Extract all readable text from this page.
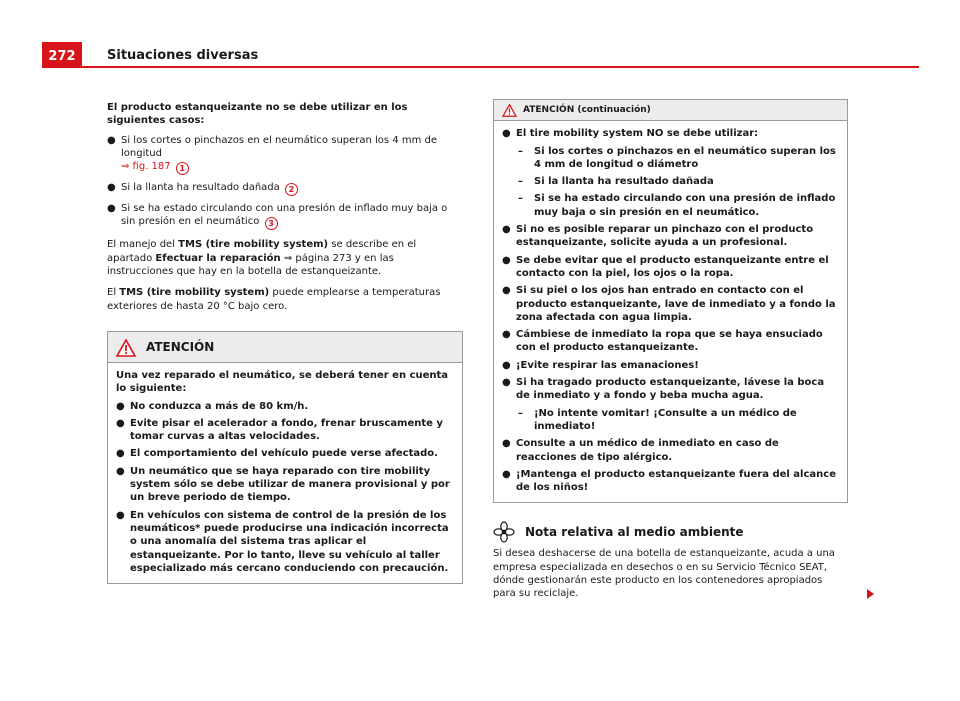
272	Situaciones diversas

El producto estanqueizante no se debe utilizar en los siguientes casos:

● Si los cortes o pinchazos en el neumático superan los 4 mm de longitud
⇒ fig. 187 1
● Si la llanta ha resultado dañada 2
● Si se ha estado circulando con una presión de inflado muy baja o sin presión en el neumático 3

El manejo del TMS (tire mobility system) se describe en el apartado Efectuar la reparación ⇒ página 273 y en las instrucciones que hay en la botella de estanqueizante.

El TMS (tire mobility system) puede emplearse a temperaturas exteriores de hasta 20 °C bajo cero.

ATENCIÓN

Una vez reparado el neumático, se deberá tener en cuenta lo siguiente:

● No conduzca a más de 80 km/h.
● Evite pisar el acelerador a fondo, frenar bruscamente y tomar curvas a altas velocidades.
● El comportamiento del vehículo puede verse afectado.
● Un neumático que se haya reparado con tire mobility system sólo se debe utilizar de manera provisional y por un breve periodo de tiempo.
● En vehículos con sistema de control de la presión de los neumáticos* puede producirse una indicación incorrecta o una anomalía del sistema tras aplicar el estanqueizante. Por lo tanto, lleve su vehículo al taller especializado más cercano conduciendo con precaución.
ATENCIÓN (continuación)
● El tire mobility system NO se debe utilizar:
–	Si los cortes o pinchazos en el neumático superan los 4 mm de longitud o diámetro
–	Si la llanta ha resultado dañada
–	Si se ha estado circulando con una presión de inflado muy baja o sin presión en el neumático.
● Si no es posible reparar un pinchazo con el producto estanqueizante, solicite ayuda a un profesional.
● Se debe evitar que el producto estanqueizante entre el contacto con la piel, los ojos o la ropa.
● Si su piel o los ojos han entrado en contacto con el producto estanqueizante, lave de inmediato y a fondo la zona afectada con agua limpia.
● Cámbiese de inmediato la ropa que se haya ensuciado con el producto estanqueizante.
● ¡Evite respirar las emanaciones!
● Si ha tragado producto estanqueizante, lávese la boca de inmediato y a fondo y beba mucha agua.
–	¡No intente vomitar! ¡Consulte a un médico de inmediato!
● Consulte a un médico de inmediato en caso de reacciones de tipo alérgico.
● ¡Mantenga el producto estanqueizante fuera del alcance de los niños!
Nota relativa al medio ambiente
Si desea deshacerse de una botella de estanqueizante, acuda a una empresa especializada en desechos o en su Servicio Técnico SEAT, dónde gestionarán este producto en los contenedores apropiados para su reciclaje.
